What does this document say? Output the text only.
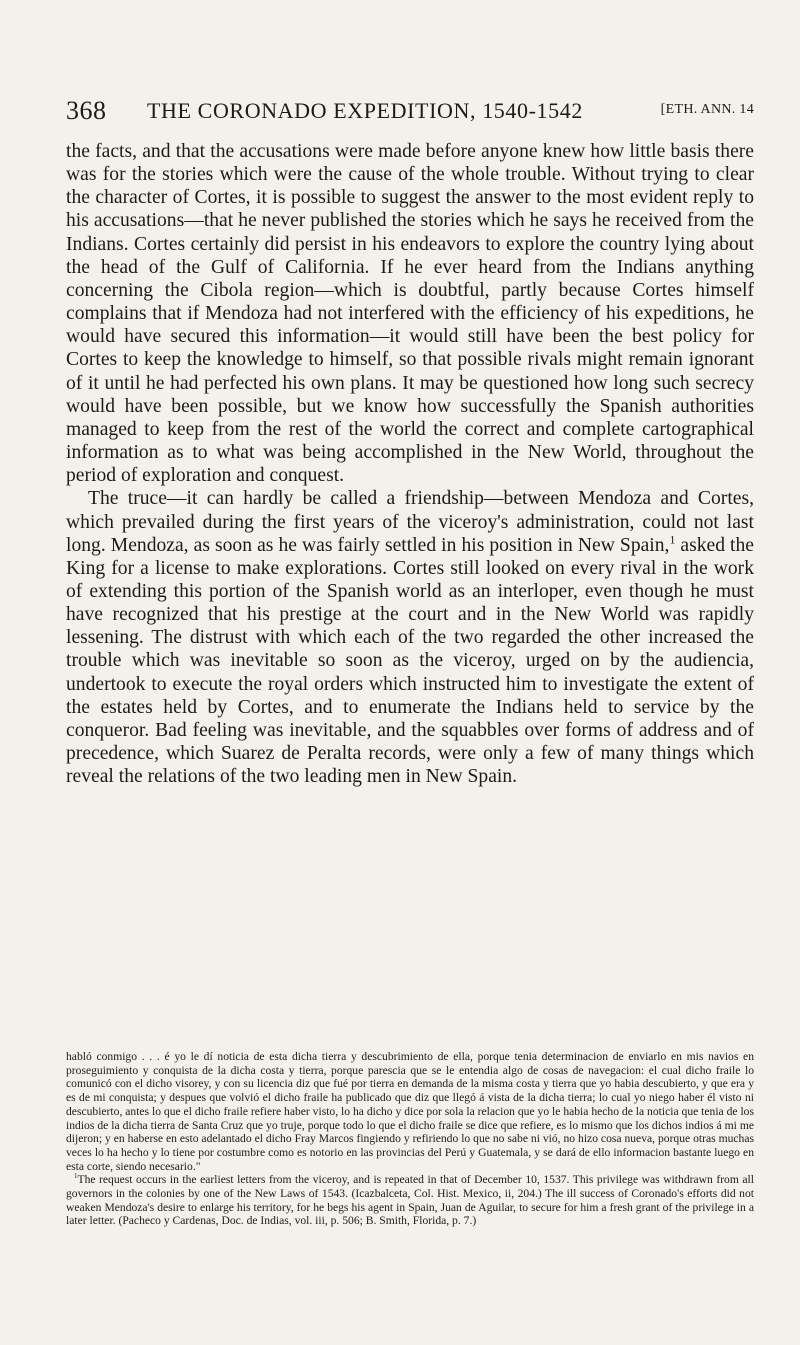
368 THE CORONADO EXPEDITION, 1540-1542	[ETH. ANN. 14

the facts, and that the accusations were made before anyone knew how little basis there was for the stories which were the cause of the whole trouble. Without trying to clear the character of Cortes, it is possible to suggest the answer to the most evident reply to his accusations—that he never published the stories which he says he received from the Indians. Cortes certainly did persist in his endeavors to explore the country lying about the head of the Gulf of California. If he ever heard from the Indians anything concerning the Cibola region—which is doubtful, partly because Cortes himself complains that if Mendoza had not interfered with the efficiency of his expeditions, he would have secured this information—it would still have been the best policy for Cortes to keep the knowledge to himself, so that possible rivals might remain ignorant of it until he had perfected his own plans. It may be questioned how long such secrecy would have been possible, but we know how successfully the Spanish authorities managed to keep from the rest of the world the correct and complete cartographical information as to what was being accomplished in the New World, throughout the period of exploration and conquest.

The truce—it can hardly be called a friendship—between Mendoza and Cortes, which prevailed during the first years of the viceroy's administration, could not last long. Mendoza, as soon as he was fairly settled in his position in New Spain,$^1$ asked the King for a license to make explorations. Cortes still looked on every rival in the work of extending this portion of the Spanish world as an interloper, even though he must have recognized that his prestige at the court and in the New World was rapidly lessening. The distrust with which each of the two regarded the other increased the trouble which was inevitable so soon as the viceroy, urged on by the audiencia, undertook to execute the royal orders which instructed him to investigate the extent of the estates held by Cortes, and to enumerate the Indians held to service by the conqueror. Bad feeling was inevitable, and the squabbles over forms of address and of precedence, which Suarez de Peralta records, were only a few of many things which reveal the relations of the two leading men in New Spain.

habló conmigo . . . é yo le dí noticia de esta dicha tierra y descubrimiento de ella, porque tenia determinacion de enviarlo en mis navios en proseguimiento y conquista de la dicha costa y tierra, porque parescia que se le entendia algo de cosas de navegacion: el cual dicho fraile lo comunicó con el dicho visorey, y con su licencia diz que fué por tierra en demanda de la misma costa y tierra que yo habia descubierto, y que era y es de mi conquista; y despues que volvió el dicho fraile ha publicado que diz que llegó á vista de la dicha tierra; lo cual yo niego haber él visto ni descubierto, antes lo que el dicho fraile refiere haber visto, lo ha dicho y dice por sola la relacion que yo le habia hecho de la noticia que tenia de los indios de la dicha tierra de Santa Cruz que yo truje, porque todo lo que el dicho fraile se dice que refiere, es lo mismo que los dichos indios á mi me dijeron; y en haberse en esto adelantado el dicho Fray Marcos fingiendo y refiriendo lo que no sabe ni vió, no hizo cosa nueva, porque otras muchas veces lo ha hecho y lo tiene por costumbre como es notorio en las provincias del Perú y Guatemala, y se dará de ello informacion bastante luego en esta corte, siendo necesario."

$^1$The request occurs in the earliest letters from the viceroy, and is repeated in that of December 10, 1537. This privilege was withdrawn from all governors in the colonies by one of the New Laws of 1543. (Icazbalceta, Col. Hist. Mexico, ii, 204.) The ill success of Coronado's efforts did not weaken Mendoza's desire to enlarge his territory, for he begs his agent in Spain, Juan de Aguilar, to secure for him a fresh grant of the privilege in a later letter. (Pacheco y Cardenas, Doc. de Indias, vol. iii, p. 506; B. Smith, Florida, p. 7.)
